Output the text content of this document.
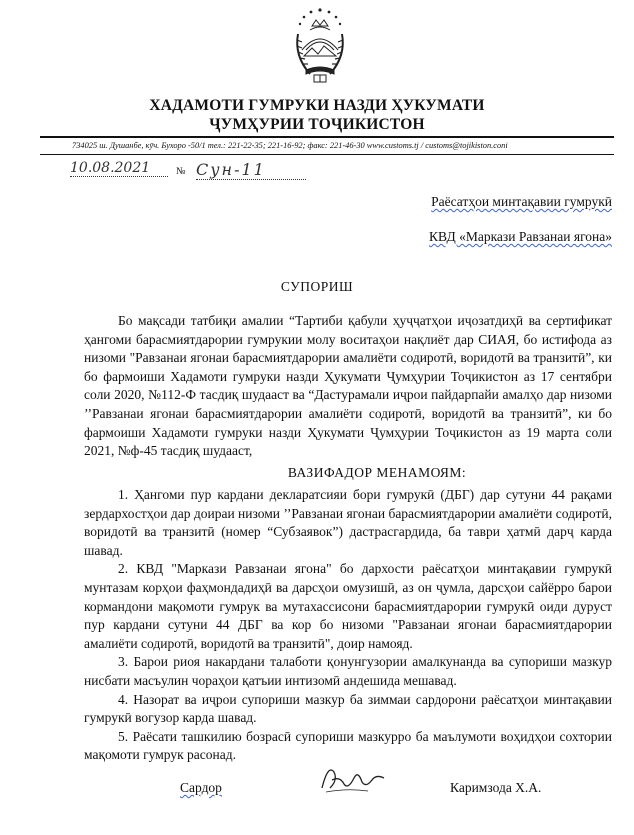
ХАДАМОТИ ГУМРУКИ НАЗДИ ҲУКУМАТИ
ҶУМҲУРИИ ТОҶИКИСТОН
734025 ш. Душанбе, кӯч. Бухоро -50/1 тел.: 221-22-35; 221-16-92; факс: 221-46-30 www.customs.tj / customs@tojikiston.coni
10.08.2021	№ Сун-11
Раёсатҳои минтақавии гумрукӣ
КВД «Маркази Равзанаи ягона»
СУПОРИШ
Бо мақсади татбиқи амалии “Тартиби қабули ҳуҷҷатҳои иҷозатдиҳӣ ва сертификат ҳангоми барасмиятдарории гумрукии молу воситаҳои нақлиёт дар СИАЯ, бо истифода аз низоми "Равзанаи ягонаи барасмиятдарории амалиёти содиротӣ, воридотӣ ва транзитӣ”, ки бо фармоиши Хадамоти гумруки назди Ҳукумати Ҷумҳурии Тоҷикистон аз 17 сентябри соли 2020, №112-Ф тасдиқ шудааст ва “Дастурамали иҷрои пайдарпайи амалҳо дар низоми ’’Равзанаи ягонаи барасмиятдарории амалиёти содиротӣ, воридотӣ ва транзитӣ”, ки бо фармоиши Хадамоти гумруки назди Ҳукумати Ҷумҳурии Тоҷикистон аз 19 марта соли 2021, №ф-45 тасдиқ шудааст,
ВАЗИФАДОР МЕНАМОЯМ:
1. Ҳангоми пур кардани декларатсияи бори гумрукӣ (ДБГ) дар сутуни 44 рақами зердархостҳои дар доираи низоми ’’Равзанаи ягонаи барасмиятдарории амалиёти содиротӣ, воридотӣ ва транзитӣ (номер “Субзаявок”) дастрасгардида, ба таври ҳатмӣ дарҷ карда шавад.
2. КВД "Маркази Равзанаи ягона" бо дархости раёсатҳои минтақавии гумрукӣ мунтазам корҳои фаҳмондадиҳӣ ва дарсҳои омузишӣ, аз он ҷумла, дарсҳои сайёрро барои кормандони мақомоти гумрук ва мутахассисони барасмиятдарории гумрукӣ оиди дуруст пур кардани сутуни 44 ДБГ ва кор бо низоми "Равзанаи ягонаи барасмиятдарории амалиёти содиротӣ, воридотӣ ва транзитӣ", доир намояд.
3. Барои риоя накардани талаботи қонунгузории амалкунанда ва супориши мазкур нисбати масъулин чораҳои қатъии интизомӣ андешида мешавад.
4. Назорат ва иҷрои супориши мазкур ба зиммаи сардорони раёсатҳои минтақавии гумрукӣ вогузор карда шавад.
5. Раёсати ташкилию бозрасӣ супориши мазкурро ба маълумоти воҳидҳои сохтории мақомоти гумрук расонад.
Сардор	Каримзода Х.А.
